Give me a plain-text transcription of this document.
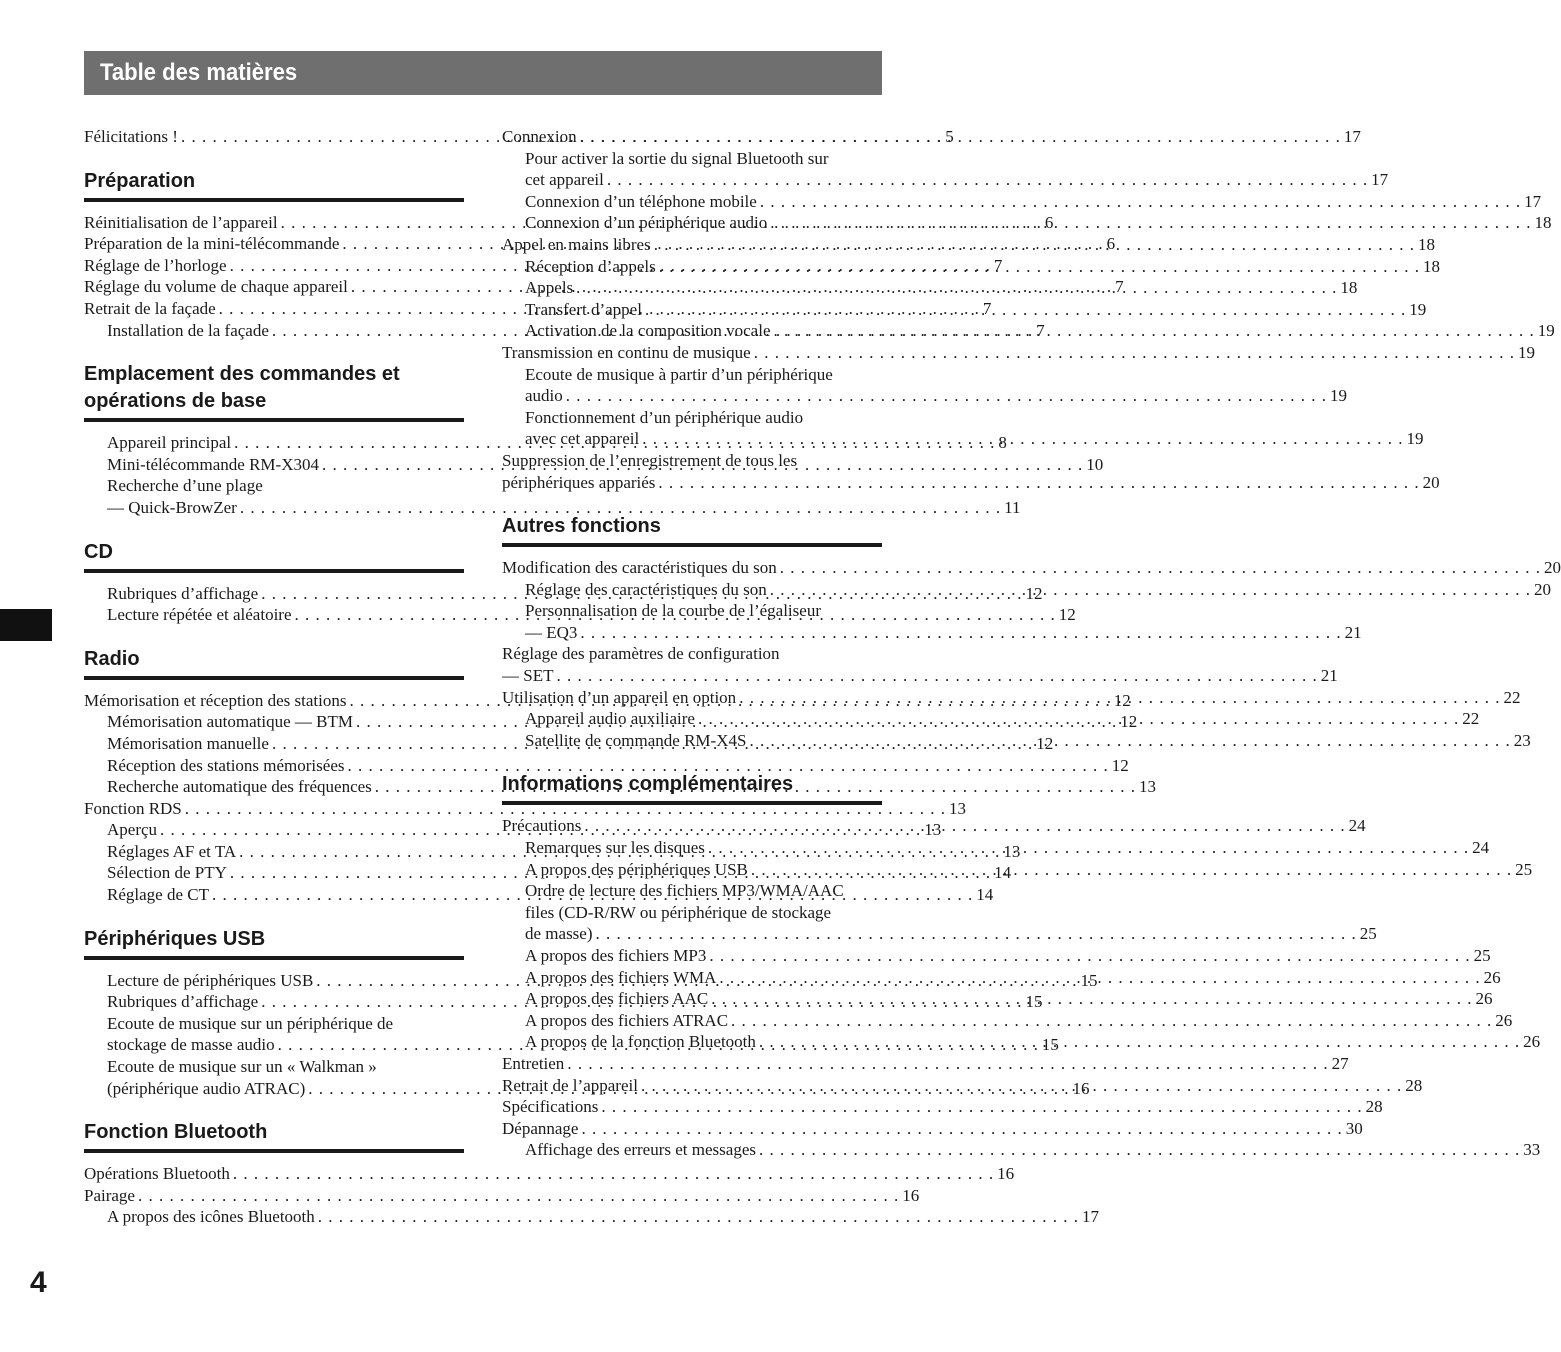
Table des matières
Félicitations ! . . .	5
Préparation
Réinitialisation de l’appareil . . .	6
Préparation de la mini-télécommande . . .	6
Réglage de l’horloge . . .	7
Réglage du volume de chaque appareil . . .	7
Retrait de la façade . . .	7
Installation de la façade . . .	7
Emplacement des commandes et opérations de base
Appareil principal . . .	8
Mini-télécommande RM-X304 . . .	10
Recherche d’une plage
— Quick-BrowZer . . .	11
CD
Rubriques d’affichage . . .	12
Lecture répétée et aléatoire . . .	12
Radio
Mémorisation et réception des stations . . .	12
Mémorisation automatique — BTM . . .	12
Mémorisation manuelle . . .	12
Réception des stations mémorisées . . .	12
Recherche automatique des fréquences . . .	13
Fonction RDS . . .	13
Aperçu . . .	13
Réglages AF et TA . . .	13
Sélection de PTY . . .	14
Réglage de CT . . .	14
Périphériques USB
Lecture de périphériques USB . . .	15
Rubriques d’affichage . . .	15
Ecoute de musique sur un périphérique de
stockage de masse audio . . .	15
Ecoute de musique sur un « Walkman »
(périphérique audio ATRAC) . . .	16
Fonction Bluetooth
Opérations Bluetooth . . .	16
Pairage . . .	16
A propos des icônes Bluetooth . . .	17
Connexion . . .	17
Pour activer la sortie du signal Bluetooth sur
cet appareil . . .	17
Connexion d’un téléphone mobile . . .	17
Connexion d’un périphérique audio . . .	18
Appel en mains libres . . .	18
Réception d’appels . . .	18
Appels . . .	18
Transfert d’appel . . .	19
Activation de la composition vocale . . .	19
Transmission en continu de musique . . .	19
Ecoute de musique à partir d’un périphérique
audio . . .	19
Fonctionnement d’un périphérique audio
avec cet appareil . . .	19
Suppression de l’enregistrement de tous les
périphériques appariés . . .	20
Autres fonctions
Modification des caractéristiques du son . . .	20
Réglage des caractéristiques du son . . .	20
Personnalisation de la courbe de l’égaliseur
— EQ3 . . .	21
Réglage des paramètres de configuration
— SET . . .	21
Utilisation d’un appareil en option . . .	22
Appareil audio auxiliaire . . .	22
Satellite de commande RM-X4S . . .	23
Informations complémentaires
Précautions . . .	24
Remarques sur les disques . . .	24
A propos des périphériques USB . . .	25
Ordre de lecture des fichiers MP3/WMA/AAC
files (CD-R/RW ou périphérique de stockage
de masse) . . .	25
A propos des fichiers MP3 . . .	25
A propos des fichiers WMA . . .	26
A propos des fichiers AAC . . .	26
A propos des fichiers ATRAC . . .	26
A propos de la fonction Bluetooth . . .	26
Entretien . . .	27
Retrait de l’appareil . . .	28
Spécifications . . .	28
Dépannage . . .	30
Affichage des erreurs et messages . . .	33
4
